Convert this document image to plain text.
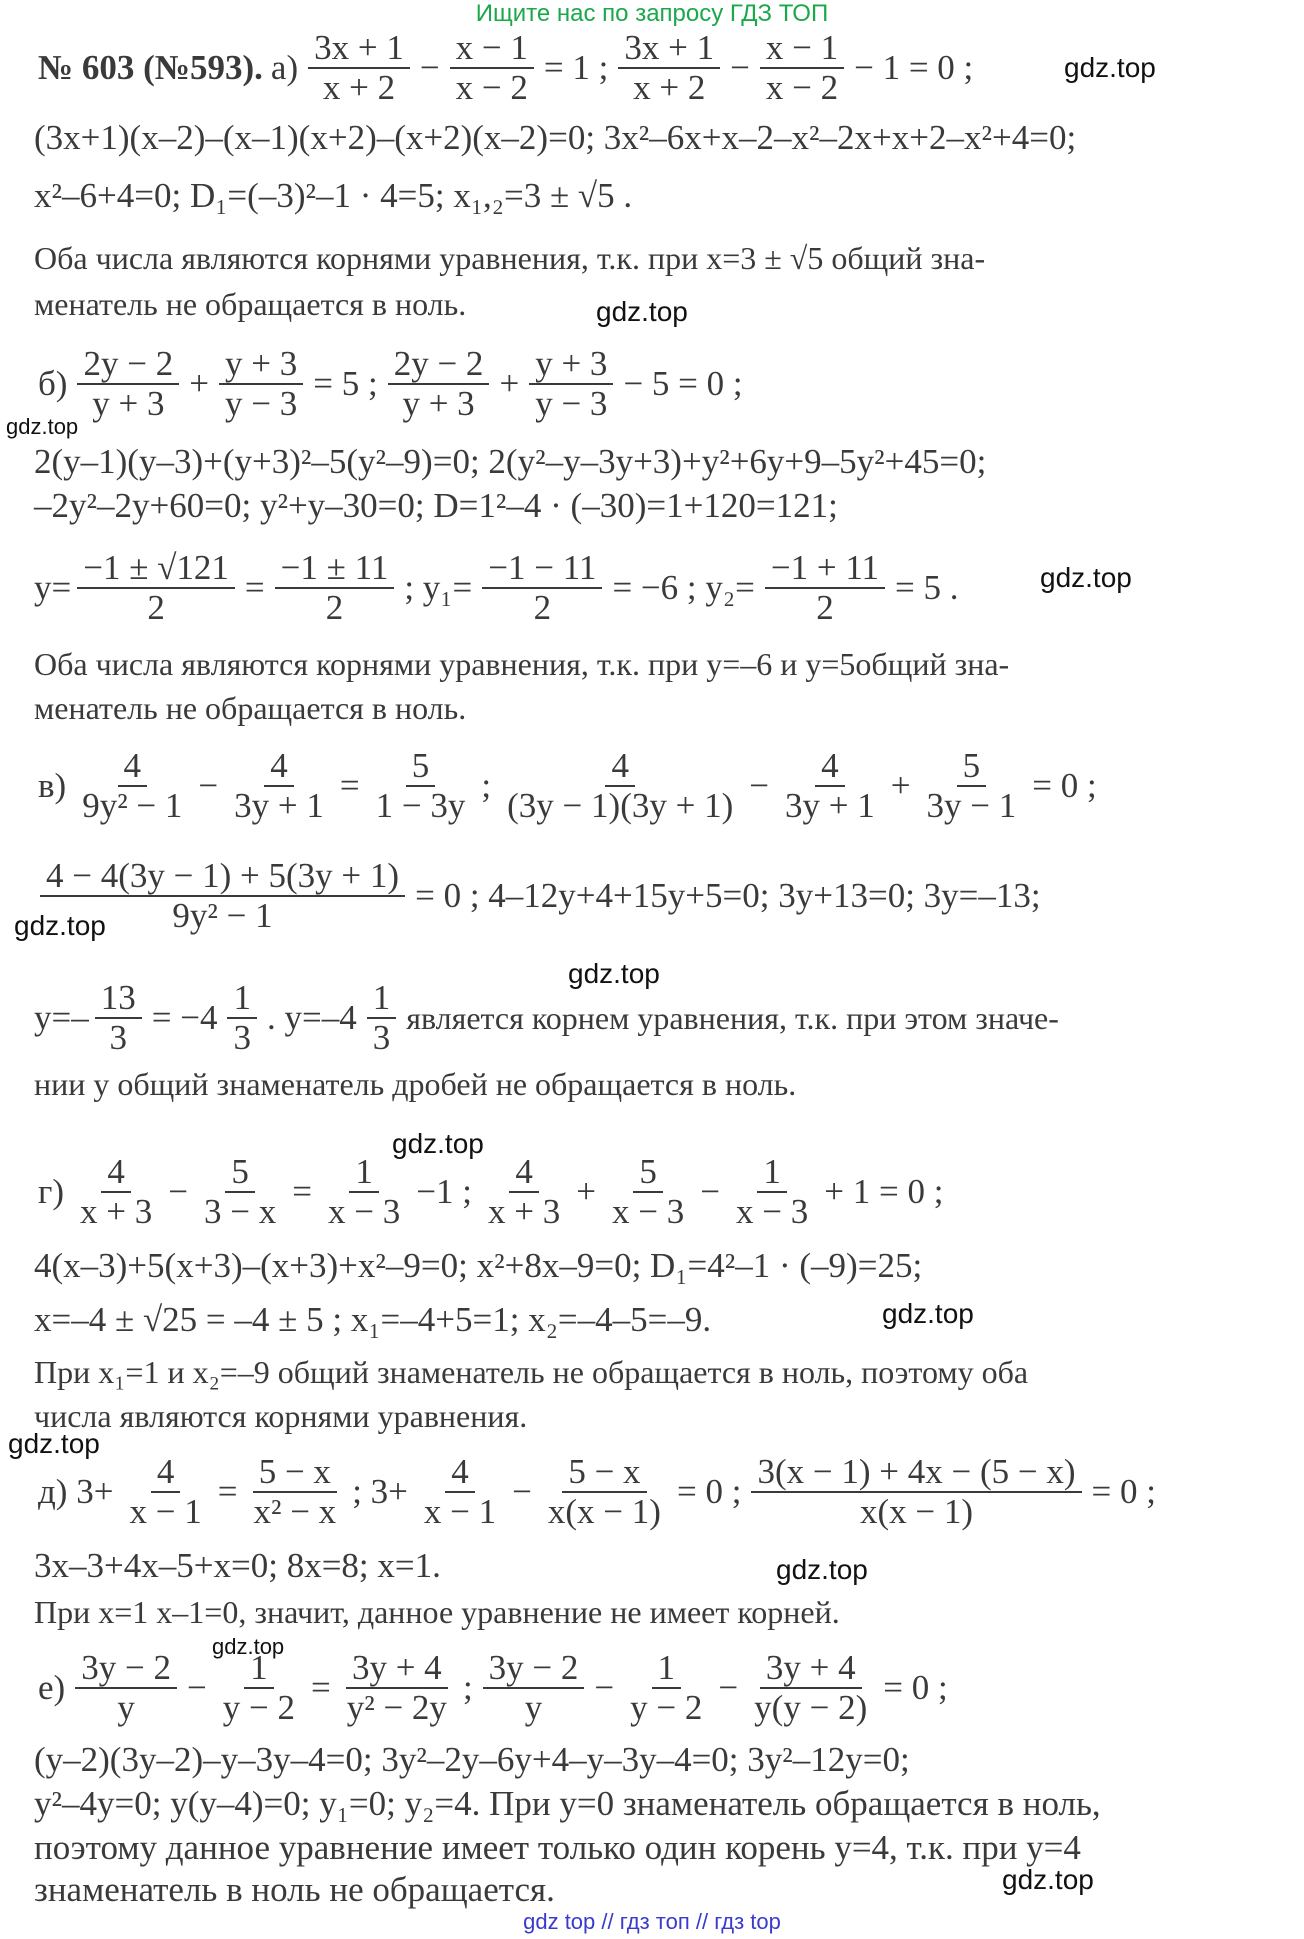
Ищите нас по запросу ГДЗ ТОП
gdz.top
gdz.top
gdz.top
gdz.top
gdz.top
gdz.top
gdz.top
gdz.top
gdz.top
gdz.top
gdz.top
gdz.top
№ 603 (№593). $а) \frac{3x + 1}{x + 2} - \frac{x - 1}{x - 2} = 1$ ; $\frac{3x + 1}{x + 2} - \frac{x - 1}{x - 2} - 1 = 0$ ;
(3x+1)(x–2)–(x–1)(x+2)–(x+2)(x–2)=0; 3x²–6x+x–2–x²–2x+x+2–x²+4=0;
x²–6+4=0; D₁=(–3)²–1 · 4=5; x₁,₂=3 ± √5 .
Оба числа являются корнями уравнения, т.к. при x=3 ± √5 общий зна-
менатель не обращается в ноль.
$б) \frac{2y - 2}{y + 3} + \frac{y + 3}{y - 3} = 5$ ; $\frac{2y - 2}{y + 3} + \frac{y + 3}{y - 3} - 5 = 0$ ;
2(y–1)(y–3)+(y+3)²–5(y²–9)=0; 2(y²–y–3y+3)+y²+6y+9–5y²+45=0;
–2y²–2y+60=0; y²+y–30=0; D=1²–4 · (–30)=1+120=121;
$y= \frac{-1 \pm √121}{2} = \frac{-1 \pm 11}{2}$ ; $y_1= \frac{-1 - 11}{2} = -6$ ; $y_2= \frac{-1 + 11}{2} = 5$ .
Оба числа являются корнями уравнения, т.к. при y=–6 и y=5общий зна-
менатель не обращается в ноль.
$в) \frac{4}{\text{9y² − 1}} - \frac{4}{3y + 1} = \frac{5}{1 - 3y}$ ; $\frac{4}{(3y - 1)(3y + 1)} - \frac{4}{3y + 1} + \frac{5}{3y - 1} = 0$ ;
$\frac{4 - 4(3y - 1) + 5(3y + 1)}{\text{9y² − 1}} = 0$ ; 4–12y+4+15y+5=0; 3y+13=0; 3y=–13;
$y=- \frac{13}{3} = -4 \frac{1}{3}$ . $y=-4 \frac{1}{3}$ является корнем уравнения, т.к. при этом значе-
нии у общий знаменатель дробей не обращается в ноль.
$г) \frac{4}{x + 3} - \frac{5}{3 - x} = \frac{1}{x - 3} -1$ ; $\frac{4}{x + 3} + \frac{5}{x - 3} - \frac{1}{x - 3} + 1 = 0$ ;
4(x–3)+5(x+3)–(x+3)+x²–9=0; x²+8x–9=0; D₁=4²–1 · (–9)=25;
x=–4 ± √25 = –4 ± 5 ; x₁=–4+5=1; x₂=–4–5=–9.
При x₁=1 и x₂=–9 общий знаменатель не обращается в ноль, поэтому оба
числа являются корнями уравнения.
д) $3+ \frac{4}{x - 1} = \frac{5 - x}{\text{x² − x}}$ ; $3+ \frac{4}{x - 1} - \frac{5 - x}{x(x - 1)} = 0$ ; $\frac{3(x - 1) + 4x - (5 - x)}{x(x - 1)} = 0$ ;
3x–3+4x–5+x=0; 8x=8; x=1.
При x=1 x–1=0, значит, данное уравнение не имеет корней.
$е) \frac{3y - 2}{y} - \frac{1}{y - 2} = \frac{3y + 4}{\text{y² − 2y}}$ ; $\frac{3y - 2}{y} - \frac{1}{y - 2} - \frac{3y + 4}{y(y - 2)} = 0$ ;
(y–2)(3y–2)–y–3y–4=0; 3y²–2y–6y+4–y–3y–4=0; 3y²–12y=0;
y²–4y=0; y(y–4)=0; y₁=0; y₂=4. При y=0 знаменатель обращается в ноль,
поэтому данное уравнение имеет только один корень y=4, т.к. при y=4
знаменатель в ноль не обращается.
gdz top // гдз топ // гдз top
